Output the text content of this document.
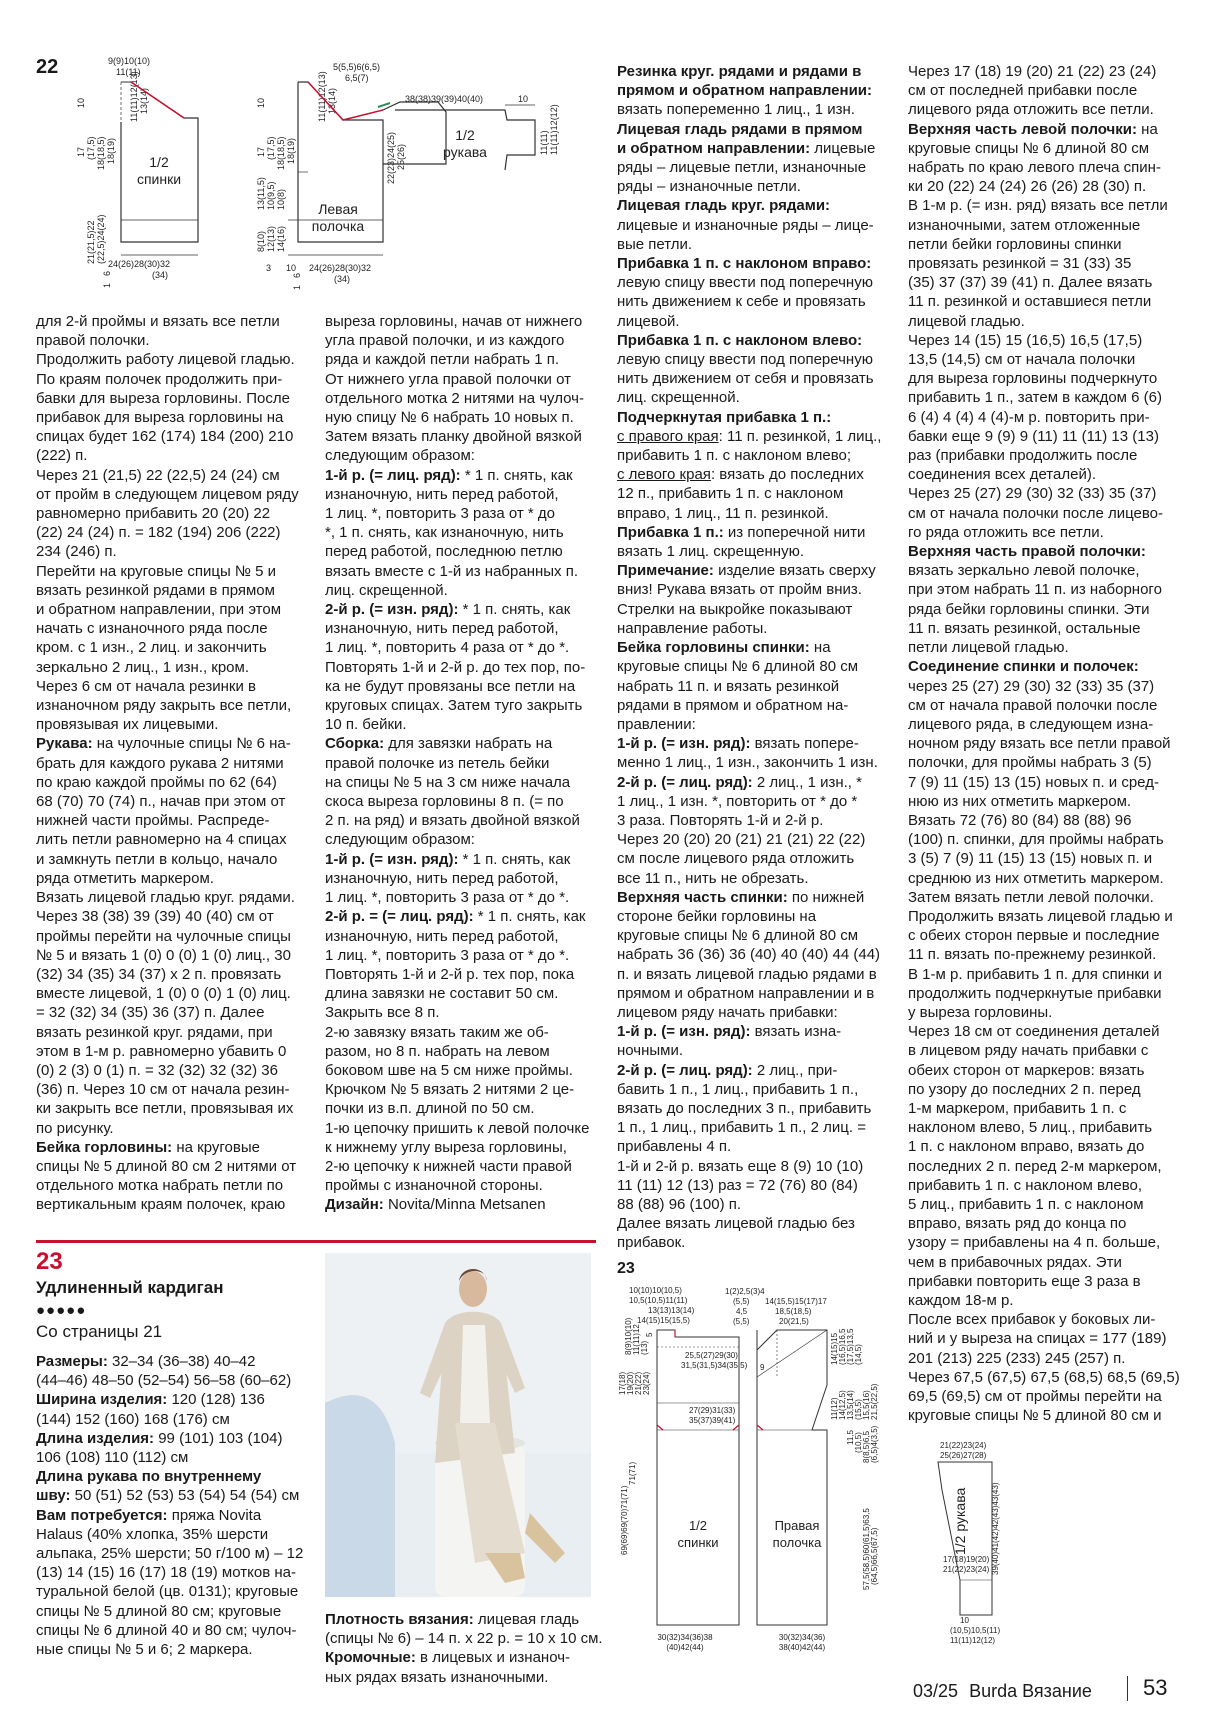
22	9(9)10(10)
11(11)
11(11)12(13) 13(14)
10
17 (17,5) 18(18,5) 18(19)
21(21,5)22 (22,5)24(24)
6
1
24(26)28(30)32
(34)
1/2
спинки
5(5,5)6(6,5)
6,5(7)
10
17 (17,5) 18(18,5) 18(19)
8(10) 12(13) 14(16)
13(11,5) 10(9,5) 10(8)
11(11)12(13) 13(14)
22(23)24(25) 25(26)
3 10 24(26)28(30)32
(34)
6
1
Левая
полочка
38(38)39(39)40(40)	10
11(11) 11(11)12(12)
1/2
рукава

для 2-й проймы и вязать все петли

правой полочки.

Продолжить работу лицевой гладью.

По краям полочек продолжить при-

бавки для выреза горловины. После

прибавок для выреза горловины на

спицах будет 162 (174) 184 (200) 210

(222) п.

Через 21 (21,5) 22 (22,5) 24 (24) см

от пройм в следующем лицевом ряду

равномерно прибавить 20 (20) 22

(22) 24 (24) п. = 182 (194) 206 (222)

234 (246) п.

Перейти на круговые спицы № 5 и

вязать резинкой рядами в прямом

и обратном направлении, при этом

начать с изнаночного ряда после

кром. с 1 изн., 2 лиц. и закончить

зеркально 2 лиц., 1 изн., кром.

Через 6 см от начала резинки в

изнаночном ряду закрыть все петли,

провязывая их лицевыми.

Рукава: на чулочные спицы № 6 на-

брать для каждого рукава 2 нитями

по краю каждой проймы по 62 (64)

68 (70) 70 (74) п., начав при этом от

нижней части проймы. Распреде-

лить петли равномерно на 4 спицах

и замкнуть петли в кольцо, начало

ряда отметить маркером.

Вязать лицевой гладью круг. рядами.

Через 38 (38) 39 (39) 40 (40) см от

проймы перейти на чулочные спицы

№ 5 и вязать 1 (0) 0 (0) 1 (0) лиц., 30

(32) 34 (35) 34 (37) х 2 п. провязать

вместе лицевой, 1 (0) 0 (0) 1 (0) лиц.

= 32 (32) 34 (35) 36 (37) п. Далее

вязать резинкой круг. рядами, при

этом в 1-м р. равномерно убавить 0

(0) 2 (3) 0 (1) п. = 32 (32) 32 (32) 36

(36) п. Через 10 см от начала резин-

ки закрыть все петли, провязывая их

по рисунку.

Бейка горловины: на круговые

спицы № 5 длиной 80 см 2 нитями от

отдельного мотка набрать петли по

вертикальным краям полочек, краю

выреза горловины, начав от нижнего

угла правой полочки, и из каждого

ряда и каждой петли набрать 1 п.

От нижнего угла правой полочки от

отдельного мотка 2 нитями на чулоч-

ную спицу № 6 набрать 10 новых п.

Затем вязать планку двойной вязкой

следующим образом:

1-й р. (= лиц. ряд): * 1 п. снять, как

изнаночную, нить перед работой,

1 лиц. *, повторить 3 раза от * до

*, 1 п. снять, как изнаночную, нить

перед работой, последнюю петлю

вязать вместе с 1-й из набранных п.

лиц. скрещенной.

2-й р. (= изн. ряд): * 1 п. снять, как

изнаночную, нить перед работой,

1 лиц. *, повторить 4 раза от * до *.

Повторять 1-й и 2-й р. до тех пор, по-

ка не будут провязаны все петли на

круговых спицах. Затем туго закрыть

10 п. бейки.

Сборка: для завязки набрать на

правой полочке из петель бейки

на спицы № 5 на 3 см ниже начала

скоса выреза горловины 8 п. (= по

2 п. на ряд) и вязать двойной вязкой

следующим образом:

1-й р. (= изн. ряд): * 1 п. снять, как

изнаночную, нить перед работой,

1 лиц. *, повторить 3 раза от * до *.

2-й р. = (= лиц. ряд): * 1 п. снять, как

изнаночную, нить перед работой,

1 лиц. *, повторить 3 раза от * до *.

Повторять 1-й и 2-й р. тех пор, пока

длина завязки не составит 50 см.

Закрыть все 8 п.

2-ю завязку вязать таким же об-

разом, но 8 п. набрать на левом

боковом шве на 5 см ниже проймы.

Крючком № 5 вязать 2 нитями 2 це-

почки из в.п. длиной по 50 см.

1-ю цепочку пришить к левой полочке

к нижнему углу выреза горловины,

2-ю цепочку к нижней части правой

проймы с изнаночной стороны.

Дизайн: Novita/Minna Metsanen

Резинка круг. рядами и рядами в

прямом и обратном направлении:

вязать попеременно 1 лиц., 1 изн.

Лицевая гладь рядами в прямом

и обратном направлении: лицевые

ряды – лицевые петли, изнаночные

ряды – изнаночные петли.

Лицевая гладь круг. рядами:

лицевые и изнаночные ряды – лице-

вые петли.

Прибавка 1 п. с наклоном вправо:

левую спицу ввести под поперечную

нить движением к себе и провязать

лицевой.

Прибавка 1 п. с наклоном влево:

левую спицу ввести под поперечную

нить движением от себя и провязать

лиц. скрещенной.

Подчеркнутая прибавка 1 п.:

с правого края: 11 п. резинкой, 1 лиц.,

прибавить 1 п. с наклоном влево;

с левого края: вязать до последних

12 п., прибавить 1 п. с наклоном

вправо, 1 лиц., 11 п. резинкой.

Прибавка 1 п.: из поперечной нити

вязать 1 лиц. скрещенную.

Примечание: изделие вязать сверху

вниз! Рукава вязать от пройм вниз.

Стрелки на выкройке показывают

направление работы.

Бейка горловины спинки: на

круговые спицы № 6 длиной 80 см

набрать 11 п. и вязать резинкой

рядами в прямом и обратном на-

правлении:

1-й р. (= изн. ряд): вязать попере-

менно 1 лиц., 1 изн., закончить 1 изн.

2-й р. (= лиц. ряд): 2 лиц., 1 изн., *

1 лиц., 1 изн. *, повторить от * до *

3 раза. Повторять 1-й и 2-й р.

Через 20 (20) 20 (21) 21 (21) 22 (22)

см после лицевого ряда отложить

все 11 п., нить не обрезать.

Верхняя часть спинки: по нижней

стороне бейки горловины на

круговые спицы № 6 длиной 80 см

набрать 36 (36) 36 (40) 40 (40) 44 (44)

п. и вязать лицевой гладью рядами в

прямом и обратном направлении и в

лицевом ряду начать прибавки:

1-й р. (= изн. ряд): вязать изна-

ночными.

2-й р. (= лиц. ряд): 2 лиц., при-

бавить 1 п., 1 лиц., прибавить 1 п.,

вязать до последних 3 п., прибавить

1 п., 1 лиц., прибавить 1 п., 2 лиц. =

прибавлены 4 п.

1-й и 2-й р. вязать еще 8 (9) 10 (10)

11 (11) 12 (13) раз = 72 (76) 80 (84)

88 (88) 96 (100) п.

Далее вязать лицевой гладью без

прибавок.

Через 17 (18) 19 (20) 21 (22) 23 (24)

см от последней прибавки после

лицевого ряда отложить все петли.

Верхняя часть левой полочки: на

круговые спицы № 6 длиной 80 см

набрать по краю левого плеча спин-

ки 20 (22) 24 (24) 26 (26) 28 (30) п.

В 1-м р. (= изн. ряд) вязать все петли

изнаночными, затем отложенные

петли бейки горловины спинки

провязать резинкой = 31 (33) 35

(35) 37 (37) 39 (41) п. Далее вязать

11 п. резинкой и оставшиеся петли

лицевой гладью.

Через 14 (15) 15 (16,5) 16,5 (17,5)

13,5 (14,5) см от начала полочки

для выреза горловины подчеркнуто

прибавить 1 п., затем в каждом 6 (6)

6 (4) 4 (4) 4 (4)-м р. повторить при-

бавки еще 9 (9) 9 (11) 11 (11) 13 (13)

раз (прибавки продолжить после

соединения всех деталей).

Через 25 (27) 29 (30) 32 (33) 35 (37)

см от начала полочки после лицево-

го ряда отложить все петли.

Верхняя часть правой полочки:

вязать зеркально левой полочке,

при этом набрать 11 п. из наборного

ряда бейки горловины спинки. Эти

11 п. вязать резинкой, остальные

петли лицевой гладью.

Соединение спинки и полочек:

через 25 (27) 29 (30) 32 (33) 35 (37)

см от начала правой полочки после

лицевого ряда, в следующем изна-

ночном ряду вязать все петли правой

полочки, для проймы набрать 3 (5)

7 (9) 11 (15) 13 (15) новых п. и сред-

нюю из них отметить маркером.

Вязать 72 (76) 80 (84) 88 (88) 96

(100) п. спинки, для проймы набрать

3 (5) 7 (9) 11 (15) 13 (15) новых п. и

среднюю из них отметить маркером.

Затем вязать петли левой полочки.

Продолжить вязать лицевой гладью и

с обеих сторон первые и последние

11 п. вязать по-прежнему резинкой.

В 1-м р. прибавить 1 п. для спинки и

продолжить подчеркнутые прибавки

у выреза горловины.

Через 18 см от соединения деталей

в лицевом ряду начать прибавки с

обеих сторон от маркеров: вязать

по узору до последних 2 п. перед

1-м маркером, прибавить 1 п. с

наклоном влево, 5 лиц., прибавить

1 п. с наклоном вправо, вязать до

последних 2 п. перед 2-м маркером,

прибавить 1 п. с наклоном влево,

5 лиц., прибавить 1 п. с наклоном

вправо, вязать ряд до конца по

узору = прибавлены на 4 п. больше,

чем в прибавочных рядах. Эти

прибавки повторить еще 3 раза в

каждом 18-м р.

После всех прибавок у боковых ли-

ний и у выреза на спицах = 177 (189)

201 (213) 225 (233) 245 (257) п.

Через 67,5 (67,5) 67,5 (68,5) 68,5 (69,5)

69,5 (69,5) см от проймы перейти на

круговые спицы № 5 длиной 80 см и

23
Удлиненный кардиган
●●●●●
Со страницы 21

Размеры: 32–34 (36–38) 40–42

(44–46) 48–50 (52–54) 56–58 (60–62)

Ширина изделия: 120 (128) 136

(144) 152 (160) 168 (176) см

Длина изделия: 99 (101) 103 (104)

106 (108) 110 (112) см

Длина рукава по внутреннему

шву: 50 (51) 52 (53) 53 (54) 54 (54) см

Вам потребуется: пряжа Novita

Halaus (40% хлопка, 35% шерсти

альпака, 25% шерсти; 50 г/100 м) – 12

(13) 14 (15) 16 (17) 18 (19) мотков на-

туральной белой (цв. 0131); круговые

спицы № 5 длиной 80 см; круговые

спицы № 6 длиной 40 и 80 см; чулоч-

ные спицы № 5 и 6; 2 маркера.

Плотность вязания: лицевая гладь

(спицы № 6) – 14 п. х 22 р. = 10 х 10 см.

Кромочные: в лицевых и изнаноч-

ных рядах вязать изнаночными.

23
10(10)10(10,5)
10,5(10,5)11(11)
13(13)13(14)
14(15)15(15,5)
5
17(18) 19(20) 21(22) 23(24)
8(9)10(10) 11(11)12 (13)
25,5(27)29(30)
31,5(31,5)34(35,5)
27(29)31(33)
35(37)39(41)
69(69)69(70)71(71)
71(71)
30(32)34(36)38
(40)42(44)
1(2)2,5(3)4
(5,5)
4,5
(5,5)
14(15,5)15(17)17
18,5(18,5)
20(21,5)
9
14(15)15 (16,5)16,5 (17,5)13,5 (14,5)
11(12) 14(12,5) 13,5(14) (15,5) 15,5(16) 21,5(22,5)
11,5 (10,5) 8(8,5)6,5 (6,5)4(3,5)
57,5(58,5)60(61,5)63,5 (64,5)66,5(67,5)
30(32)34(36)
38(40)42(44)
1/2
спинки
Правая
полочка
21(22)23(24)
25(26)27(28)
17(18)19(20)
21(22)23(24) 39(40)41(42)42(43)43(43)
10
(10,5)10,5(11)
11(11)12(12)
1/2 рукава
03/25 Burda Вязание 53
